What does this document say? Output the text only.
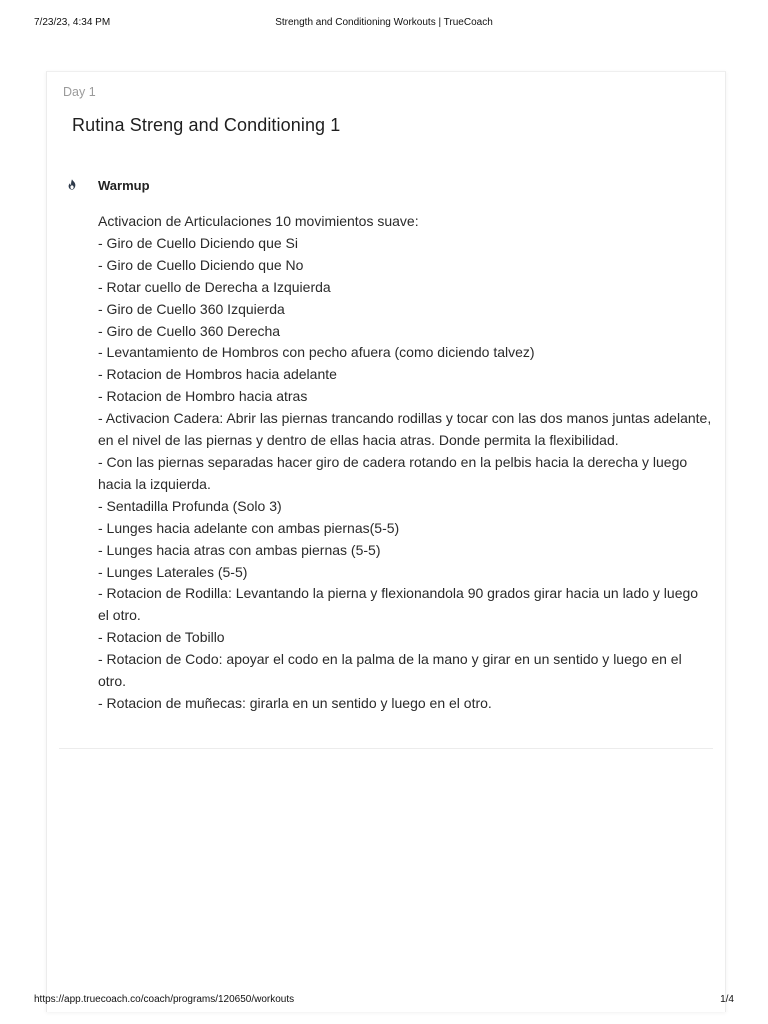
7/23/23, 4:34 PM	Strength and Conditioning Workouts | TrueCoach
Day 1
Rutina Streng and Conditioning 1
Warmup
Activacion de Articulaciones 10 movimientos suave:
- Giro de Cuello Diciendo que Si
- Giro de Cuello Diciendo que No
- Rotar cuello de Derecha a Izquierda
- Giro de Cuello 360 Izquierda
- Giro de Cuello 360 Derecha
- Levantamiento de Hombros con pecho afuera (como diciendo talvez)
- Rotacion de Hombros hacia adelante
- Rotacion de Hombro hacia atras
- Activacion Cadera: Abrir las piernas trancando rodillas y tocar con las dos manos juntas adelante, en el nivel de las piernas y dentro de ellas hacia atras. Donde permita la flexibilidad.
- Con las piernas separadas hacer giro de cadera rotando en la pelbis hacia la derecha y luego hacia la izquierda.
- Sentadilla Profunda (Solo 3)
- Lunges hacia adelante con ambas piernas(5-5)
- Lunges hacia atras con ambas piernas (5-5)
- Lunges Laterales (5-5)
- Rotacion de Rodilla: Levantando la pierna y flexionandola 90 grados girar hacia un lado y luego el otro.
- Rotacion de Tobillo
- Rotacion de Codo: apoyar el codo en la palma de la mano y girar en un sentido y luego en el otro.
- Rotacion de muñecas: girarla en un sentido y luego en el otro.
https://app.truecoach.co/coach/programs/120650/workouts	1/4
